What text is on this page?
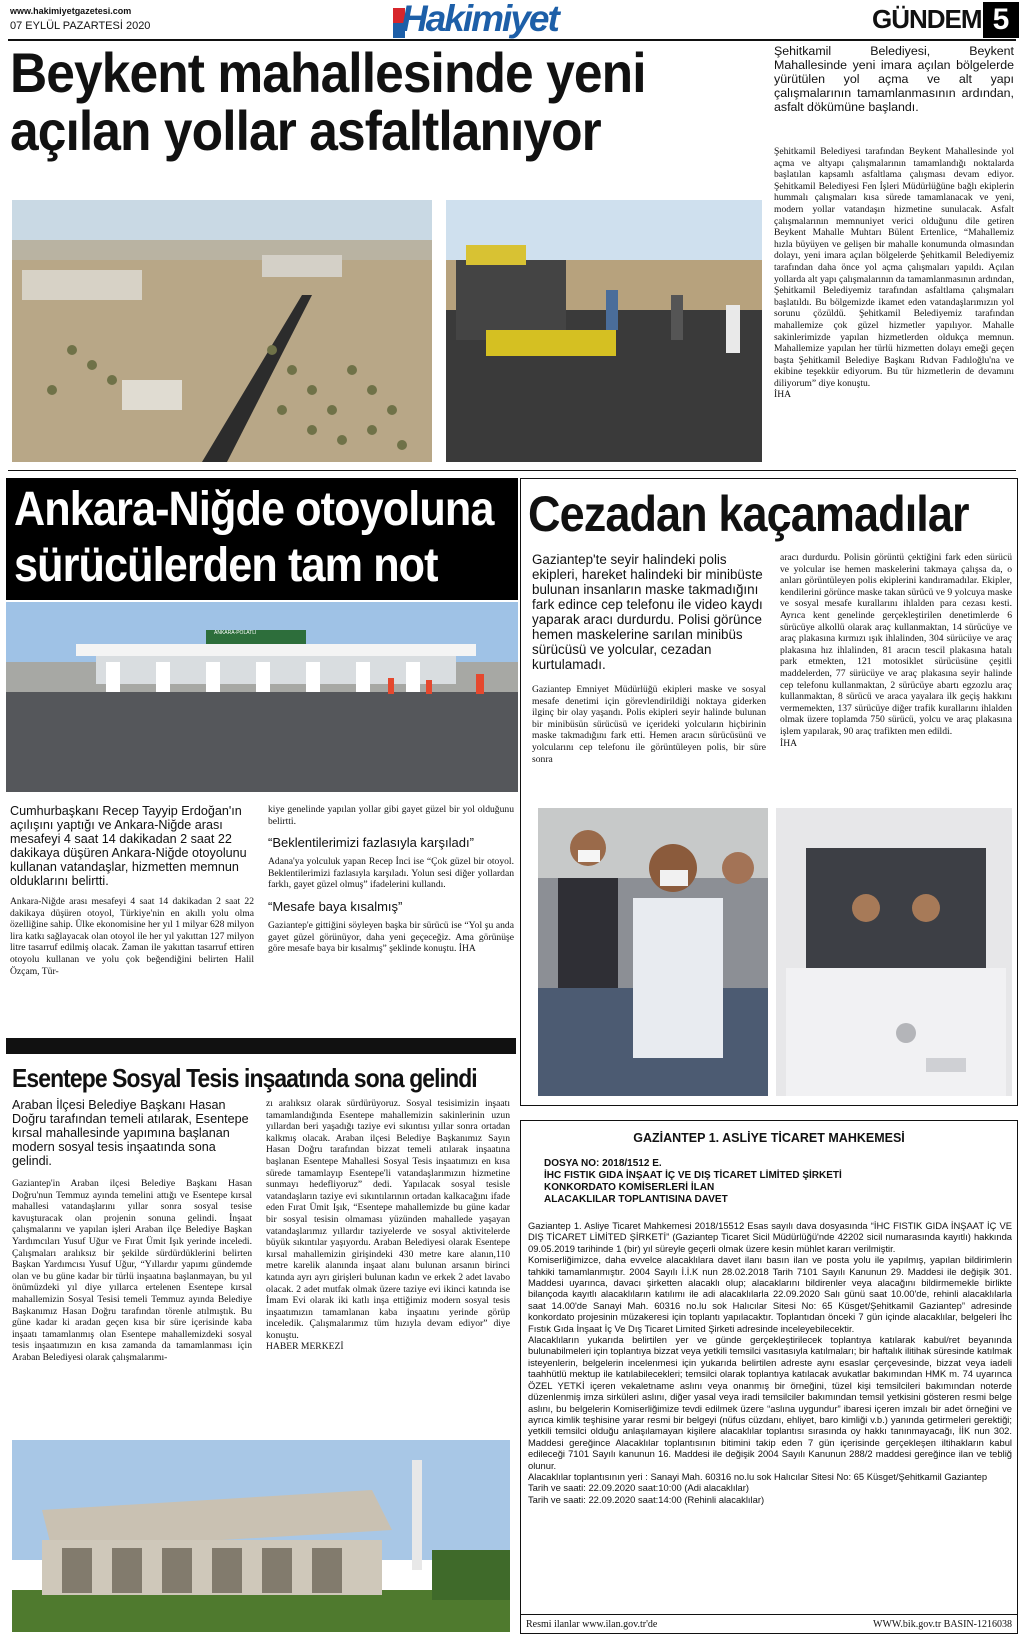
www.hakimiyetgazetesi.com
07 EYLÜL PAZARTESİ 2020	Hakimiyet	GÜNDEM 5
Beykent mahallesinde yeni
açılan yollar asfaltlanıyor
Şehitkamil Belediyesi, Beykent Mahallesinde yeni imara açılan bölgelerde yürütülen yol açma ve alt yapı çalışmalarının tamamlanmasının ardından, asfalt dökümüne başlandı.
Şehitkamil Belediyesi tarafından Beykent Mahallesinde yol açma ve altyapı çalışmalarının tamamlandığı noktalarda başlatılan kapsamlı asfaltlama çalışması devam ediyor. Şehitkamil Belediyesi Fen İşleri Müdürlüğüne bağlı ekiplerin hummalı çalışmaları kısa sürede tamamlanacak ve yeni, modern yollar vatandaşın hizmetine sunulacak. Asfalt çalışmalarının memnuniyet verici olduğunu dile getiren Beykent Mahalle Muhtarı Bülent Ertenlice, “Mahallemiz hızla büyüyen ve gelişen bir mahalle konumunda olmasından dolayı, yeni imara açılan bölgelerde Şehitkamil Belediyemiz tarafından daha önce yol açma çalışmaları yapıldı. Açılan yollarda alt yapı çalışmalarının da tamamlanmasının ardından, Şehitkamil Belediyemiz tarafından asfaltlama çalışmaları başlatıldı. Bu bölgemizde ikamet eden vatandaşlarımızın yol sorunu çözüldü. Şehitkamil Belediyemiz tarafından mahallemize çok güzel hizmetler yapılıyor. Mahalle sakinlerimizde yapılan hizmetlerden oldukça memnun. Mahallemize yapılan her türlü hizmetten dolayı emeği geçen başta Şehitkamil Belediye Başkanı Rıdvan Fadıloğlu'na ve ekibine teşekkür ediyorum. Bu tür hizmetlerin de devamını diliyorum” diye konuştu.
İHA
Ankara-Niğde otoyoluna
sürücülerden tam not
ANKARA-POLATLI
Cumhurbaşkanı Recep Tayyip Erdoğan'ın açılışını yaptığı ve Ankara-Niğde arası mesafeyi 4 saat 14 dakikadan 2 saat 22 dakikaya düşüren Ankara-Niğde otoyolunu kullanan vatandaşlar, hizmetten memnun olduklarını belirtti.
Ankara-Niğde arası mesafeyi 4 saat 14 dakikadan 2 saat 22 dakikaya düşüren otoyol, Türkiye'nin en akıllı yolu olma özelliğine sahip. Ülke ekonomisine her yıl 1 milyar 628 milyon lira katkı sağlayacak olan otoyol ile her yıl yakıttan 127 milyon litre tasarruf edilmiş olacak. Zaman ile yakıttan tasarruf ettiren otoyolu kullanan ve yolu çok beğendiğini belirten Halil Özçam, Tür-
kiye genelinde yapılan yollar gibi gayet güzel bir yol olduğunu belirtti.
“Beklentilerimizi fazlasıyla karşıladı”
Adana'ya yolculuk yapan Recep İnci ise “Çok güzel bir otoyol. Beklentilerimizi fazlasıyla karşıladı. Yolun sesi diğer yollardan farklı, gayet güzel olmuş” ifadelerini kullandı.
“Mesafe baya kısalmış”
Gaziantep'e gittiğini söyleyen başka bir sürücü ise “Yol şu anda gayet güzel görünüyor, daha yeni geçeceğiz. Ama görünüşe göre mesafe baya bir kısalmış” şeklinde konuştu. İHA
Cezadan kaçamadılar
Gaziantep'te seyir halindeki polis ekipleri, hareket halindeki bir minibüste bulunan insanların maske takmadığını fark edince cep telefonu ile video kaydı yaparak aracı durdurdu. Polisi görünce hemen maskelerine sarılan minibüs sürücüsü ve yolcular, cezadan kurtulamadı.
Gaziantep Emniyet Müdürlüğü ekipleri maske ve sosyal mesafe denetimi için görevlendirildiği noktaya giderken ilginç bir olay yaşandı. Polis ekipleri seyir halinde bulunan bir minibüsün sürücüsü ve içerideki yolcuların hiçbirinin maske takmadığını fark etti. Hemen aracın sürücüsünü ve yolcularını cep telefonu ile görüntüleyen polis, bir süre sonra
aracı durdurdu. Polisin görüntü çektiğini fark eden sürücü ve yolcular ise hemen maskelerini takmaya çalışsa da, o anları görüntüleyen polis ekiplerini kandıramadılar. Ekipler, kendilerini görünce maske takan sürücü ve 9 yolcuya maske ve sosyal mesafe kurallarını ihlalden para cezası kesti. Ayrıca kent genelinde gerçekleştirilen denetimlerde 6 sürücüye alkollü olarak araç kullanmaktan, 14 sürücüye ve araç plakasına kırmızı ışık ihlalinden, 304 sürücüye ve araç plakasına hız ihlalinden, 81 aracın tescil plakasına hatalı park etmekten, 121 motosiklet sürücüsüne çeşitli maddelerden, 77 sürücüye ve araç plakasına seyir halinde cep telefonu kullanmaktan, 2 sürücüye abartı egzozlu araç kullanmaktan, 8 sürücü ve araca yayalara ilk geçiş hakkını vermemekten, 137 sürücüye diğer trafik kurallarını ihlalden olmak üzere toplamda 750 sürücü, yolcu ve araç plakasına işlem yapılarak, 90 araç trafikten men edildi.
İHA
Esentepe Sosyal Tesis inşaatında sona gelindi
Araban İlçesi Belediye Başkanı Hasan Doğru tarafından temeli atılarak, Esentepe kırsal mahallesinde yapımına başlanan modern sosyal tesis inşaatında sona gelindi.
Gaziantep'in Araban ilçesi Belediye Başkanı Hasan Doğru'nun Temmuz ayında temelini attığı ve Esentepe kırsal mahallesi vatandaşlarını yıllar sonra sosyal tesise kavuşturacak olan projenin sonuna gelindi. İnşaat çalışmalarını ve yapılan işleri Araban ilçe Belediye Başkan Yardımcıları Yusuf Uğur ve Fırat Ümit Işık yerinde inceledi. Çalışmaları aralıksız bir şekilde sürdürdüklerini belirten Başkan Yardımcısı Yusuf Uğur, “Yıllardır yapımı gündemde olan ve bu güne kadar bir türlü inşaatına başlanmayan, bu yıl önümüzdeki yıl diye yıllarca ertelenen Esentepe kırsal mahallemizin Sosyal Tesisi temeli Temmuz ayında Belediye Başkanımız Hasan Doğru tarafından törenle atılmıştık. Bu güne kadar ki aradan geçen kısa bir süre içerisinde kaba inşaatı tamamlanmış olan Esentepe mahallemizdeki sosyal tesis inşaatımızın en kısa zamanda da tamamlanması için Araban Belediyesi olarak çalışmalarımı-
zı aralıksız olarak sürdürüyoruz. Sosyal tesisimizin inşaatı tamamlandığında Esentepe mahallemizin sakinlerinin uzun yıllardan beri yaşadığı taziye evi sıkıntısı yıllar sonra ortadan kalkmış olacak. Araban ilçesi Belediye Başkanımız Sayın Hasan Doğru tarafından bizzat temeli atılarak inşaatına başlanan Esentepe Mahallesi Sosyal Tesis inşaatımızı en kısa sürede tamamlayıp Esentepe'li vatandaşlarımızın hizmetine sunmayı hedefliyoruz” dedi. Yapılacak sosyal tesisle vatandaşların taziye evi sıkıntılarının ortadan kalkacağını ifade eden Fırat Ümit Işık, “Esentepe mahallemizde bu güne kadar bir sosyal tesisin olmaması yüzünden mahallede yaşayan vatandaşlarımız yıllardır taziyelerde ve sosyal aktivitelerde büyük sıkıntılar yaşıyordu. Araban Belediyesi olarak Esentepe kırsal mahallemizin girişindeki 430 metre kare alanın,110 metre karelik alanında inşaat alanı bulunan arsanın birinci katında ayrı ayrı girişleri bulunan kadın ve erkek 2 adet lavabo olacak. 2 adet mutfak olmak üzere taziye evi ikinci katında ise İmam Evi olarak iki katlı inşa ettiğimiz modern sosyal tesis inşaatımızın tamamlanan kaba inşaatını yerinde görüp inceledik. Çalışmalarımız tüm hızıyla devam ediyor” diye konuştu.
HABER MERKEZİ
GAZİANTEP 1. ASLİYE TİCARET MAHKEMESİ
DOSYA NO: 2018/1512 E.
İHC FISTIK GIDA İNŞAAT İÇ VE DIŞ TİCARET LİMİTED ŞİRKETİ
KONKORDATO KOMİSERLERİ İLAN
ALACAKLILAR TOPLANTISINA DAVET

Gaziantep 1. Asliye Ticaret Mahkemesi 2018/15512 Esas sayılı dava dosyasında “İHC FISTIK GIDA İNŞAAT İÇ VE DIŞ TİCARET LİMİTED ŞİRKETİ” (Gaziantep Ticaret Sicil Müdürlüğü'nde 42202 sicil numarasında kayıtlı) hakkında 09.05.2019 tarihinde 1 (bir) yıl süreyle geçerli olmak üzere kesin mühlet kararı verilmiştir.

Komiserliğimizce, daha evvelce alacaklılara davet ilanı basın ilan ve posta yolu ile yapılmış, yapılan bildirimlerin tahkiki tamamlanmıştır. 2004 Sayılı İ.İ.K nun 28.02.2018 Tarih 7101 Sayılı Kanunun 29. Maddesi ile değişik 301. Maddesi uyarınca, davacı şirketten alacaklı olup; alacaklarını bildirenler veya alacağını bildirmemekle birlikte bilançoda kayıtlı alacaklıların katılımı ile adi alacaklılarla 22.09.2020 Salı günü saat 10.00'de, rehinli alacaklılarla saat 14.00'de Sanayi Mah. 60316 no.lu sok Halıcılar Sitesi No: 65 Küsget/Şehitkamil Gaziantep” adresinde konkordato projesinin müzakeresi için toplantı yapılacaktır. Toplantıdan önceki 7 gün içinde alacaklılar, belgeleri İhc Fıstık Gıda İnşaat İç Ve Dış Ticaret Limited Şirketi adresinde inceleyebilecektir.

Alacaklıların yukarıda belirtilen yer ve günde gerçekleştirilecek toplantıya katılarak kabul/ret beyanında bulunabilmeleri için toplantıya bizzat veya yetkili temsilci vasıtasıyla katılmaları; bir haftalık ilitihak süresinde katılmak isteyenlerin, belgelerin incelenmesi için yukarıda belirtilen adreste aynı esaslar çerçevesinde, bizzat veya iadeli taahhütlü mektup ile katılabilecekleri; temsilci olarak toplantıya katılacak avukatlar bakımından HMK m. 74 uyarınca ÖZEL YETKİ içeren vekaletname aslını veya onanmış bir örneğini, tüzel kişi temsilcileri bakımından noterde düzenlenmiş imza sirküleri aslını, diğer yasal veya iradi temsilciler bakımından temsil yetkisini gösteren resmi belge aslını, bu belgelerin Komiserliğimize tevdi edilmek üzere “aslına uygundur” ibaresi içeren imzalı bir adet örneğini ve ayrıca kimlik teşhisine yarar resmi bir belgeyi (nüfus cüzdanı, ehliyet, baro kimliği v.b.) yanında getirmeleri gerektiği; yetkili temsilci olduğu anlaşılamayan kişilere alacaklılar toplantısı sırasında oy hakkı tanınmayacağı, İİK nun 302. Maddesi gereğince Alacaklılar toplantısının bitimini takip eden 7 gün içerisinde gerçekleşen iltihakların kabul edileceği 7101 Sayılı kanunun 16. Maddesi ile değişik 2004 Sayılı Kanunun 288/2 maddesi gereğince ilan ve tebliğ olunur.

Alacaklılar toplantısının yeri : Sanayi Mah. 60316 no.lu sok Halıcılar Sitesi No: 65 Küsget/Şehitkamil Gaziantep

Tarih ve saati: 22.09.2020 saat:10:00 (Adi alacaklılar)

Tarih ve saati: 22.09.2020 saat:14:00 (Rehinli alacaklılar)

Resmi ilanlar www.ilan.gov.tr'de	WWW.bik.gov.tr BASIN-1216038
